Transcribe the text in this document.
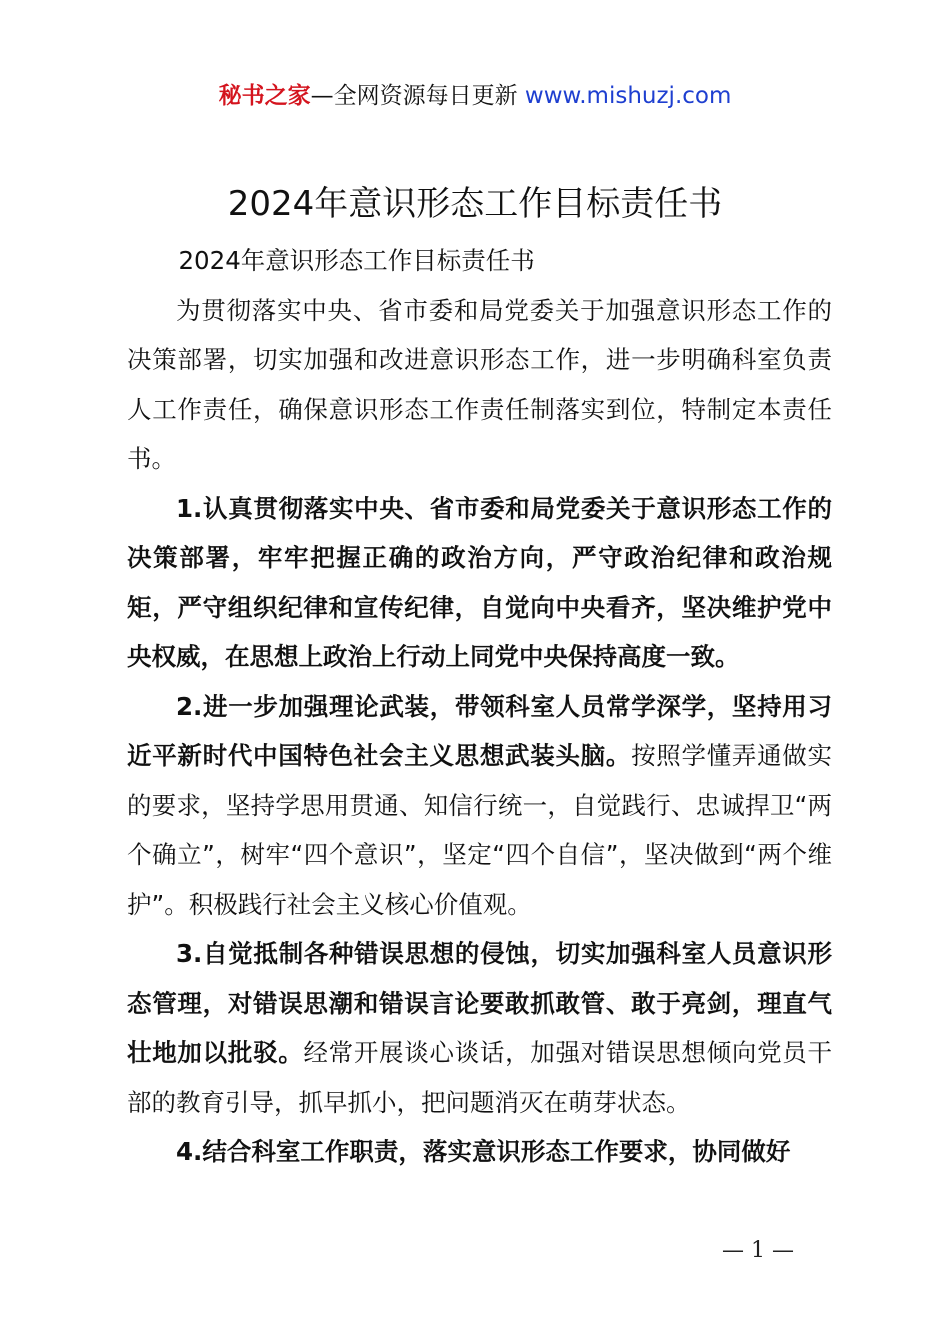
秘书之家—全网资源每日更新 www.mishuzj.com
2024年意识形态工作目标责任书

2024年意识形态工作目标责任书

为贯彻落实中央、省市委和局党委关于加强意识形态工作的决策部署，切实加强和改进意识形态工作，进一步明确科室负责人工作责任，确保意识形态工作责任制落实到位，特制定本责任书。

1.认真贯彻落实中央、省市委和局党委关于意识形态工作的决策部署，牢牢把握正确的政治方向，严守政治纪律和政治规矩，严守组织纪律和宣传纪律，自觉向中央看齐，坚决维护党中央权威，在思想上政治上行动上同党中央保持高度一致。

2.进一步加强理论武装，带领科室人员常学深学，坚持用习近平新时代中国特色社会主义思想武装头脑。按照学懂弄通做实的要求，坚持学思用贯通、知信行统一，自觉践行、忠诚捍卫“两个确立”，树牢“四个意识”，坚定“四个自信”，坚决做到“两个维护”。积极践行社会主义核心价值观。

3.自觉抵制各种错误思想的侵蚀，切实加强科室人员意识形态管理，对错误思潮和错误言论要敢抓敢管、敢于亮剑，理直气壮地加以批驳。经常开展谈心谈话，加强对错误思想倾向党员干部的教育引导，抓早抓小，把问题消灭在萌芽状态。

4.结合科室工作职责，落实意识形态工作要求，协同做好

— 1 —
